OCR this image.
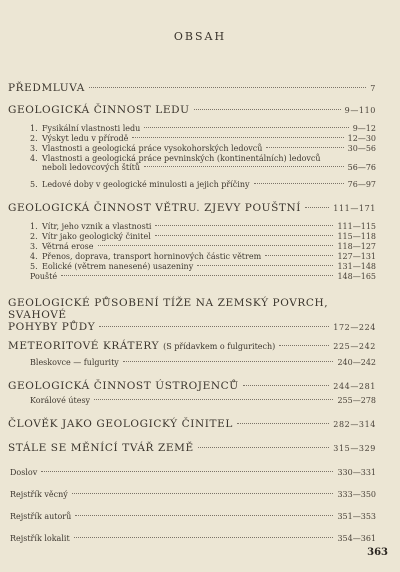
OBSAH
PŘEDMLUVA	7
GEOLOGICKÁ ČINNOST LEDU	9—110
1. Fysikální vlastnosti ledu	9—12
2. Výskyt ledu v přírodě	12—30
3. Vlastnosti a geologická práce vysokohorských ledovců	30—56
4. Vlastnosti a geologická práce pevninských (kontinentálních) ledovců
neboli ledovcových štítů	56—76
5. Ledové doby v geologické minulosti a jejich příčiny	76—97
GEOLOGICKÁ ČINNOST VĚTRU. ZJEVY POUŠTNÍ	111—171
1. Vítr, jeho vznik a vlastnosti	111—115
2. Vítr jako geologický činitel	115—118
3. Větrná erose	118—127
4. Přenos, doprava, transport horninových částic větrem	127—131
5. Eolické (větrem nanesené) usazeniny	131—148
Poušté	148—165
GEOLOGICKÉ PŮSOBENÍ TÍŽE NA ZEMSKÝ POVRCH, SVAHOVÉ
POHYBY PŮDY	172—224
METEORITOVÉ KRÁTERY (S přídavkem o fulguritech)	225—242
Bleskovce — fulgurity	240—242
GEOLOGICKÁ ČINNOST ÚSTROJENCŮ	244—281
Korálové útesy	255—278
ČLOVĚK JAKO GEOLOGICKÝ ČINITEL	282—314
STÁLE SE MĚNÍCÍ TVÁŘ ZEMĚ	315—329
Doslov	330—331
Rejstřík věcný	333—350
Rejstřík autorů	351—353
Rejstřík lokalit	354—361
363
